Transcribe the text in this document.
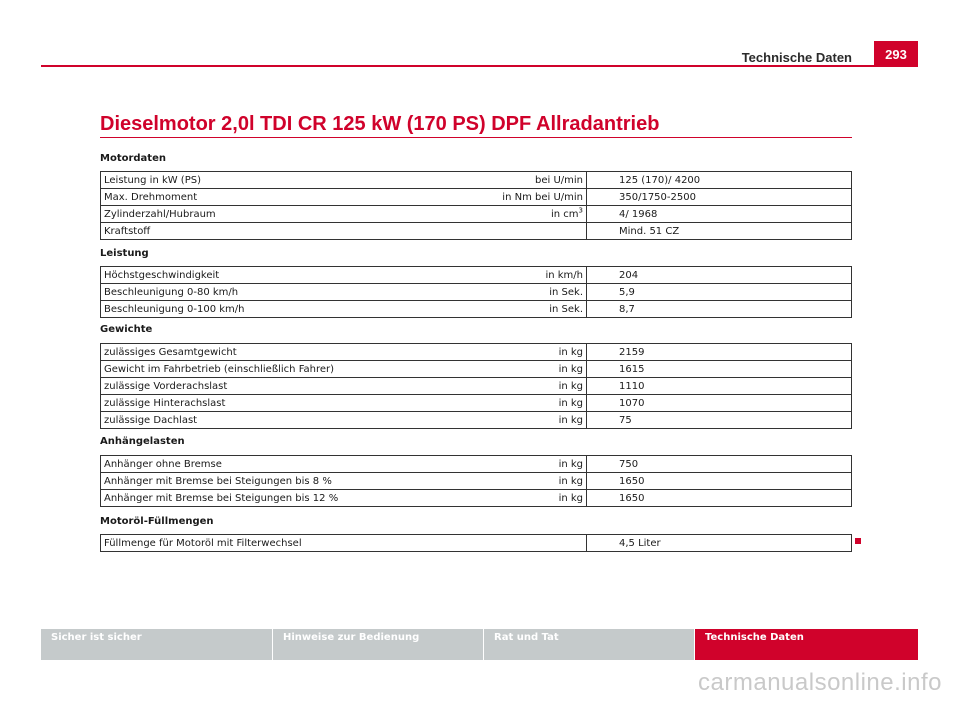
Technische Daten	293
Dieselmotor 2,0l TDI CR 125 kW (170 PS) DPF Allradantrieb
Motordaten
Leistung in kW (PS)	bei U/min	125 (170)/ 4200
Max. Drehmoment	in Nm bei U/min	350/1750-2500
Zylinderzahl/Hubraum	in $cm^3$	4/ 1968
Kraftstoff		Mind. 51 CZ
Leistung
Höchstgeschwindigkeit	in km/h	204
Beschleunigung 0-80 km/h	in Sek.	5,9
Beschleunigung 0-100 km/h	in Sek.	8,7
Gewichte
zulässiges Gesamtgewicht	in kg	2159
Gewicht im Fahrbetrieb (einschließlich Fahrer)	in kg	1615
zulässige Vorderachslast	in kg	1110
zulässige Hinterachslast	in kg	1070
zulässige Dachlast	in kg	75
Anhängelasten
Anhänger ohne Bremse	in kg	750
Anhänger mit Bremse bei Steigungen bis 8 %	in kg	1650
Anhänger mit Bremse bei Steigungen bis 12 %	in kg	1650
Motoröl-Füllmengen
Füllmenge für Motoröl mit Filterwechsel		4,5 Liter
Sicher ist sicher	Hinweise zur Bedienung	Rat und Tat	Technische Daten
carmanualsonline.info
